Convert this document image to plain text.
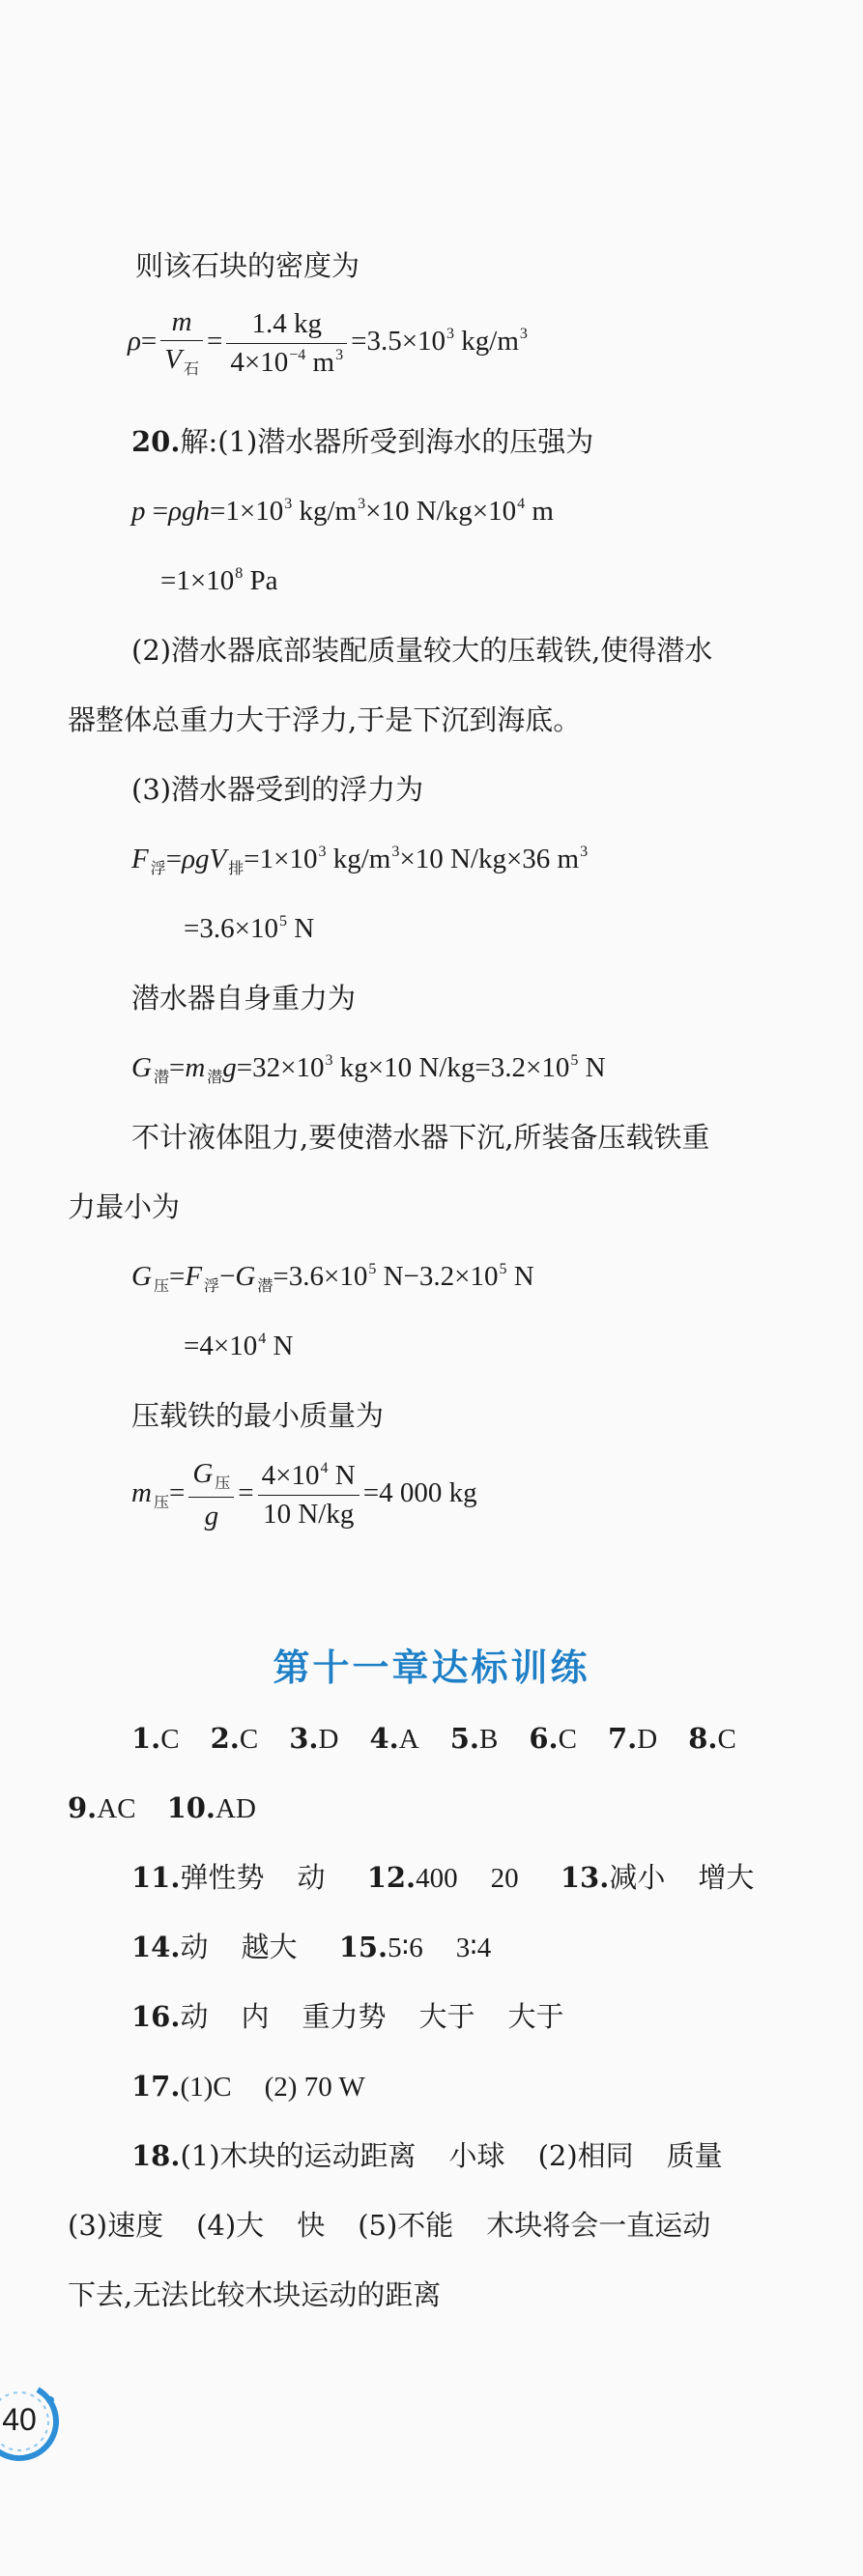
则该石块的密度为
$\rho= \frac{m}{V _石} = \frac{1.4 kg}{4\times 10^{-4} m^3} =3.5\times 10^3$ $kg/m^3$
20.解:(1)潜水器所受到海水的压强为
$p =\rho gh=1\times 10^3$ $kg/m^3\times 10$ $N/kg\times 10^4$ m
$=1\times 10^8$ Pa
(2)潜水器底部装配质量较大的压载铁,使得潜水
器整体总重力大于浮力,于是下沉到海底。
(3)潜水器受到的浮力为
F $_浮$=ρgV $_排=1\times 10^3$ $kg/m^3\times 10$ N/kg×36 $m^3$
$=3.6\times 10^5$ N
潜水器自身重力为
G $_潜$=m $_潜g=32\times 10^3$ kg×10 $N/kg=3.2\times 10^5$ N
不计液体阻力,要使潜水器下沉,所装备压载铁重
力最小为
G $_压$=F $_浮$−G $_潜=3.6\times 10^5$ $N-3.2\times 10^5$ N
$=4\times 10^4$ N
压载铁的最小质量为
m $_压= \frac{G _压}{g} = \frac{4\times 10^4 N}{10 N/kg} =4$ 000 kg
第十一章达标训练
1.C 2.C 3.D 4.A 5.B 6.C 7.D 8.C
9.AC 10.AD
11.弹性势 动 12.400 20 13.减小 增大
14.动 越大 15.5∶6 3∶4
16.动 内 重力势 大于 大于
17.(1)C (2) 70 W
18.(1)木块的运动距离 小球 (2)相同 质量
(3)速度 (4)大 快 (5)不能 木块将会一直运动
下去,无法比较木块运动的距离
40
